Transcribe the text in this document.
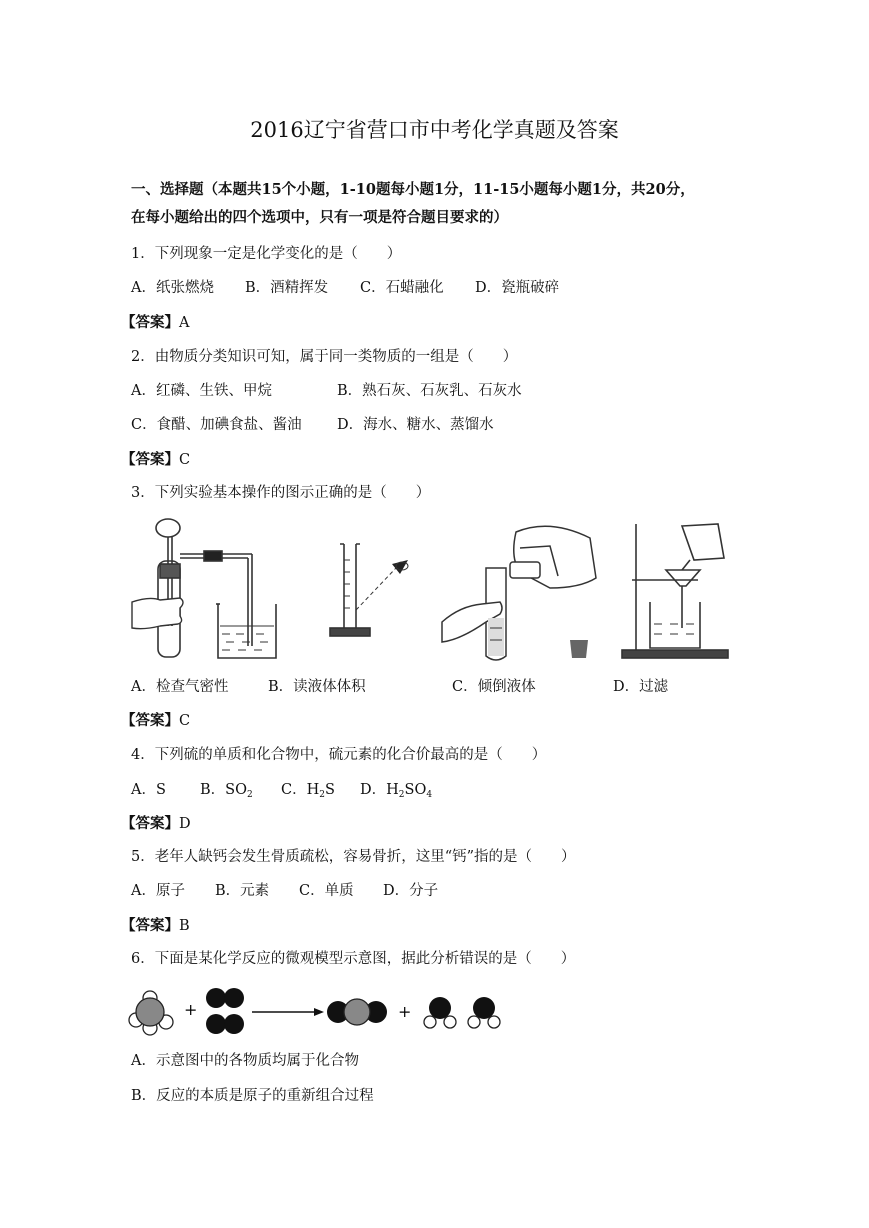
2016辽宁省营口市中考化学真题及答案
一、选择题（本题共15个小题，1-10题每小题1分，11-15小题每小题1分，共20分，
在每小题给出的四个选项中，只有一项是符合题目要求的）
1．下列现象一定是化学变化的是（　　）
A．纸张燃烧 B．酒精挥发 C．石蜡融化 D．瓷瓶破碎
【答案】A
2．由物质分类知识可知，属于同一类物质的一组是（　　）
A．红磷、生铁、甲烷	B．熟石灰、石灰乳、石灰水
C．食醋、加碘食盐、酱油 D．海水、糖水、蒸馏水
【答案】C
3．下列实验基本操作的图示正确的是（　　）
A．检查气密性	B．读液体体积	C．倾倒液体	D．过滤
【答案】C
4．下列硫的单质和化合物中，硫元素的化合价最高的是（　　）
A．S B．$SO_2$ C．$H_2S$ D．$H_2SO_4$
【答案】D
5．老年人缺钙会发生骨质疏松，容易骨折，这里“钙”指的是（　　）
A．原子 B．元素 C．单质 D．分子
【答案】B
6．下面是某化学反应的微观模型示意图，据此分析错误的是（　　）
+	+
A．示意图中的各物质均属于化合物
B．反应的本质是原子的重新组合过程
